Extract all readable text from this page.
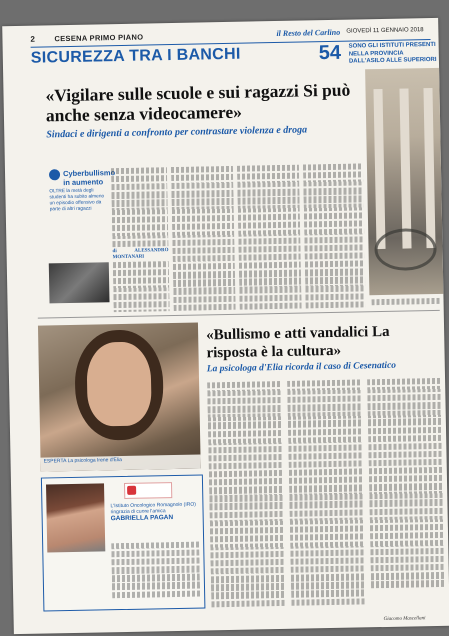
2	CESENA PRIMO PIANO	il Resto del Carlino GIOVEDÌ 11 GENNAIO 2018
SICUREZZA TRA I BANCHI	54 SONO GLI ISTITUTI PRESENTI NELLA PROVINCIA DALL'ASILO ALLE SUPERIORI
«Vigilare sulle scuole e sui ragazzi Si può anche senza videocamere»
Sindaci e dirigenti a confronto per contrastare violenza e droga
Cyberbullismo in aumento
OLTRE la metà degli studenti ha subito almeno un episodio offensivo da parte di altri ragazzi
di ALESSANDRO MONTANARI
ESPERTA La psicologa Irene d'Elia
«Bullismo e atti vandalici La risposta è la cultura»
La psicologa d'Elia ricorda il caso di Cesenatico
Giacomo Mascellani
L'Istituto Oncologico Romagnolo (IRO) ringrazia di cuore l'amica
GABRIELLA PAGAN
